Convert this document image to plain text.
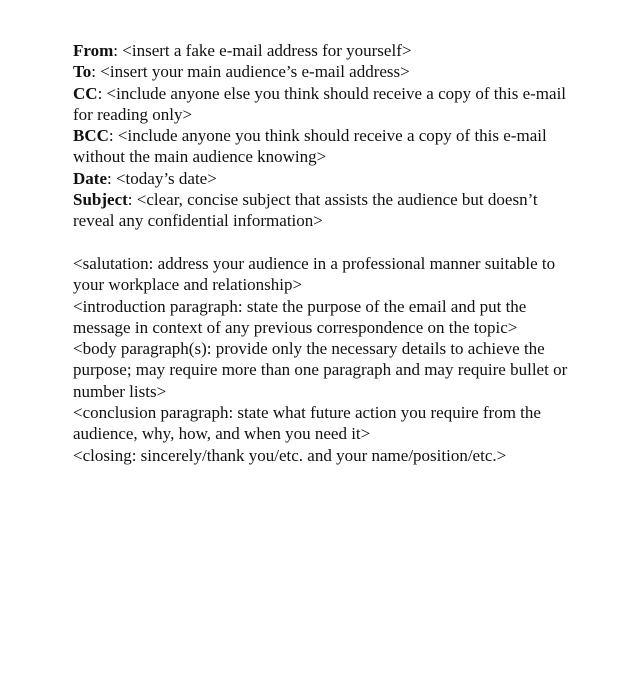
From: <insert a fake e-mail address for yourself>

To: <insert your main audience’s e-mail address>

CC: <include anyone else you think should receive a copy of this e-mail for reading only>

BCC: <include anyone you think should receive a copy of this e-mail without the main audience knowing>

Date: <today’s date>

Subject: <clear, concise subject that assists the audience but doesn’t reveal any confidential information>

<salutation: address your audience in a professional manner suitable to your workplace and relationship>

<introduction paragraph: state the purpose of the email and put the message in context of any previous correspondence on the topic>

<body paragraph(s): provide only the necessary details to achieve the purpose; may require more than one paragraph and may require bullet or number lists>

<conclusion paragraph: state what future action you require from the audience, why, how, and when you need it>

<closing: sincerely/thank you/etc. and your name/position/etc.>
